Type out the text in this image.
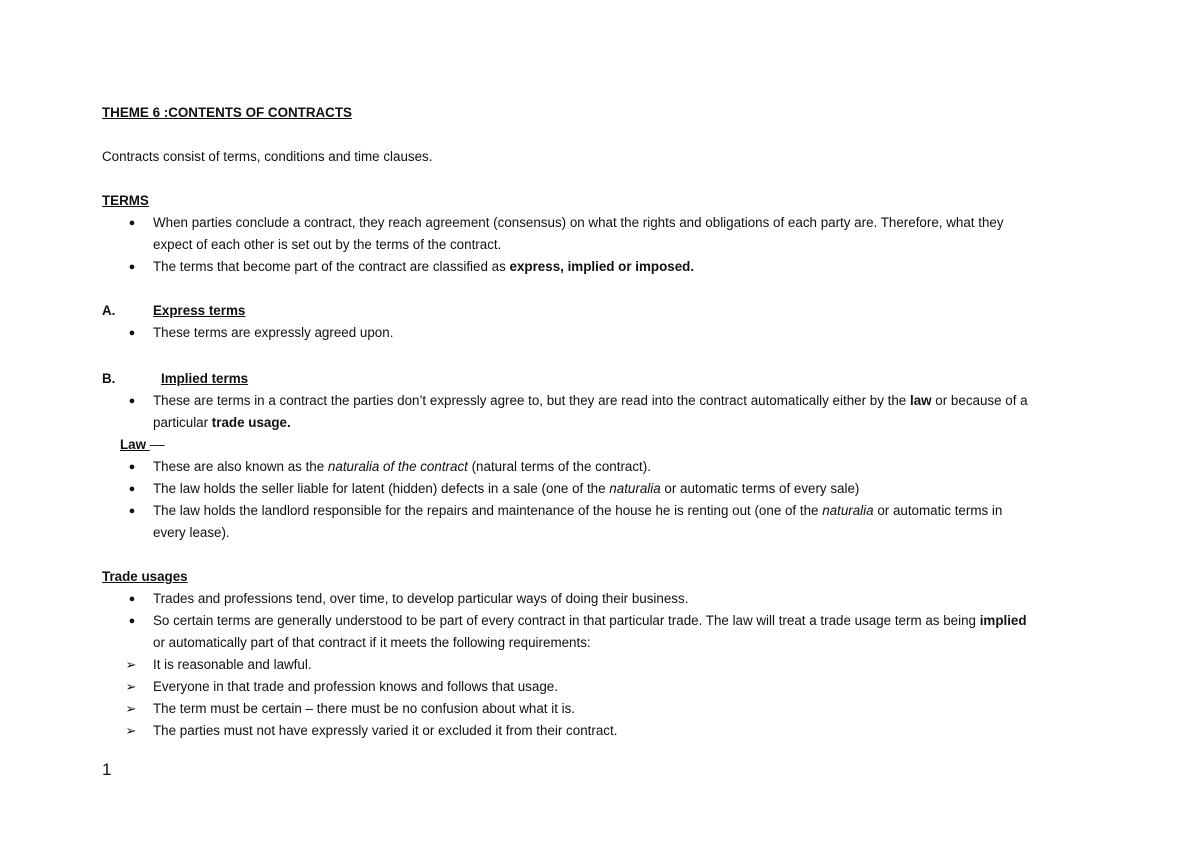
THEME 6 :CONTENTS OF CONTRACTS
Contracts consist of terms, conditions and time clauses.
TERMS
● When parties conclude a contract, they reach agreement (consensus) on what the rights and obligations of each party are. Therefore, what they
expect of each other is set out by the terms of the contract.
● The terms that become part of the contract are classified as express, implied or imposed.
A.	Express terms
● These terms are expressly agreed upon.
B.	Implied terms
● These are terms in a contract the parties don’t expressly agree to, but they are read into the contract automatically either by the law or because of a
particular trade usage.
Law ––
● These are also known as the naturalia of the contract (natural terms of the contract).
● The law holds the seller liable for latent (hidden) defects in a sale (one of the naturalia or automatic terms of every sale)
● The law holds the landlord responsible for the repairs and maintenance of the house he is renting out (one of the naturalia or automatic terms in
every lease).
Trade usages
● Trades and professions tend, over time, to develop particular ways of doing their business.
● So certain terms are generally understood to be part of every contract in that particular trade. The law will treat a trade usage term as being implied
or automatically part of that contract if it meets the following requirements:
➢ It is reasonable and lawful.
➢ Everyone in that trade and profession knows and follows that usage.
➢ The term must be certain – there must be no confusion about what it is.
➢ The parties must not have expressly varied it or excluded it from their contract.
1
